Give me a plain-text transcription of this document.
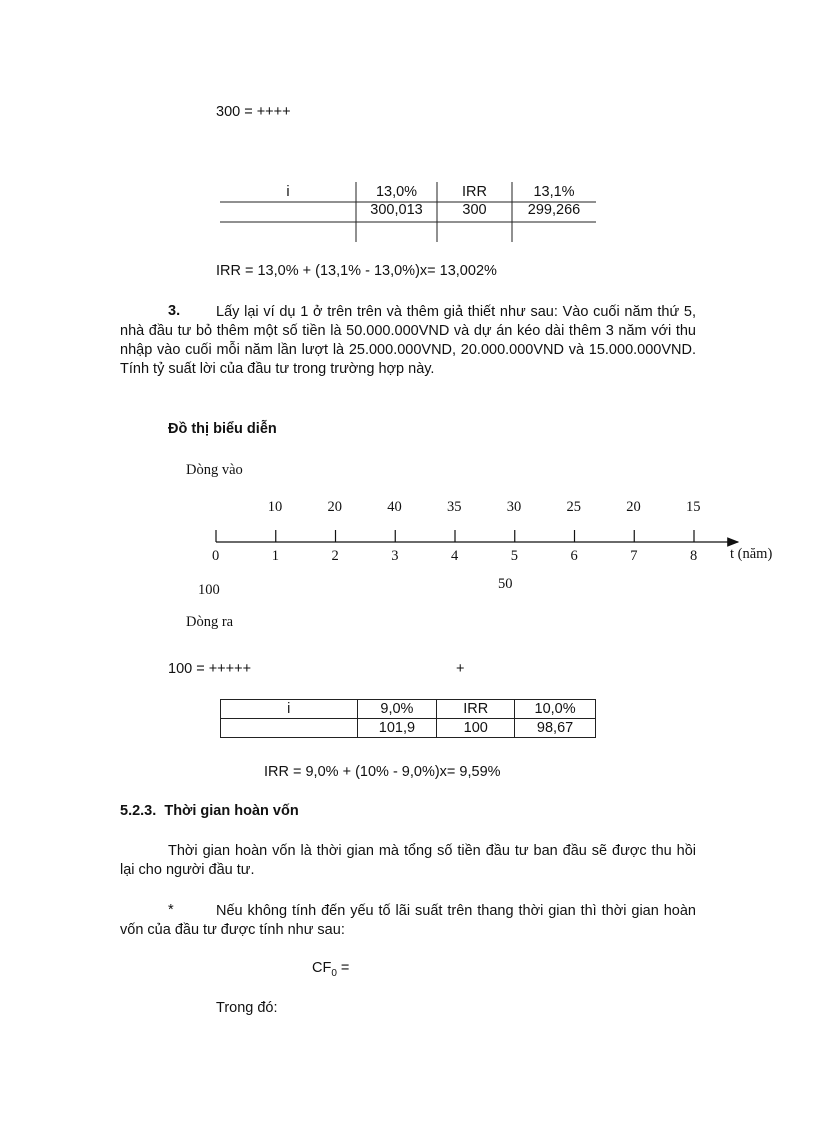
300 = ++++
i	13,0%	IRR	13,1%
	300,013	300	299,266
IRR = 13,0% + (13,1% - 13,0%)x= 13,002%
3.	Lấy lại ví dụ 1 ở trên trên và thêm giả thiết như sau: Vào cuối năm thứ 5, nhà đầu tư bỏ thêm một số tiền là 50.000.000VND và dự án kéo dài thêm 3 năm với thu nhập vào cuối mỗi năm lần lượt là 25.000.000VND, 20.000.000VND và 15.000.000VND. Tính tỷ suất lời của đầu tư trong trường hợp này.
Đồ thị biểu diễn
Dòng vào
10	20	40	35	30	25	20	15
0	1	2	3	4	5	6	7	8 t (năm)
100	50
Dòng ra
100 = +++++	+
i	9,0%	IRR	10,0%
	101,9	100	98,67
IRR = 9,0% + (10% - 9,0%)x= 9,59%
5.2.3. Thời gian hoàn vốn
Thời gian hoàn vốn là thời gian mà tổng số tiền đầu tư ban đầu sẽ được thu hồi lại cho người đầu tư.
*	Nếu không tính đến yếu tố lãi suất trên thang thời gian thì thời gian hoàn vốn của đầu tư được tính như sau:
$CF_0$ =
Trong đó:
